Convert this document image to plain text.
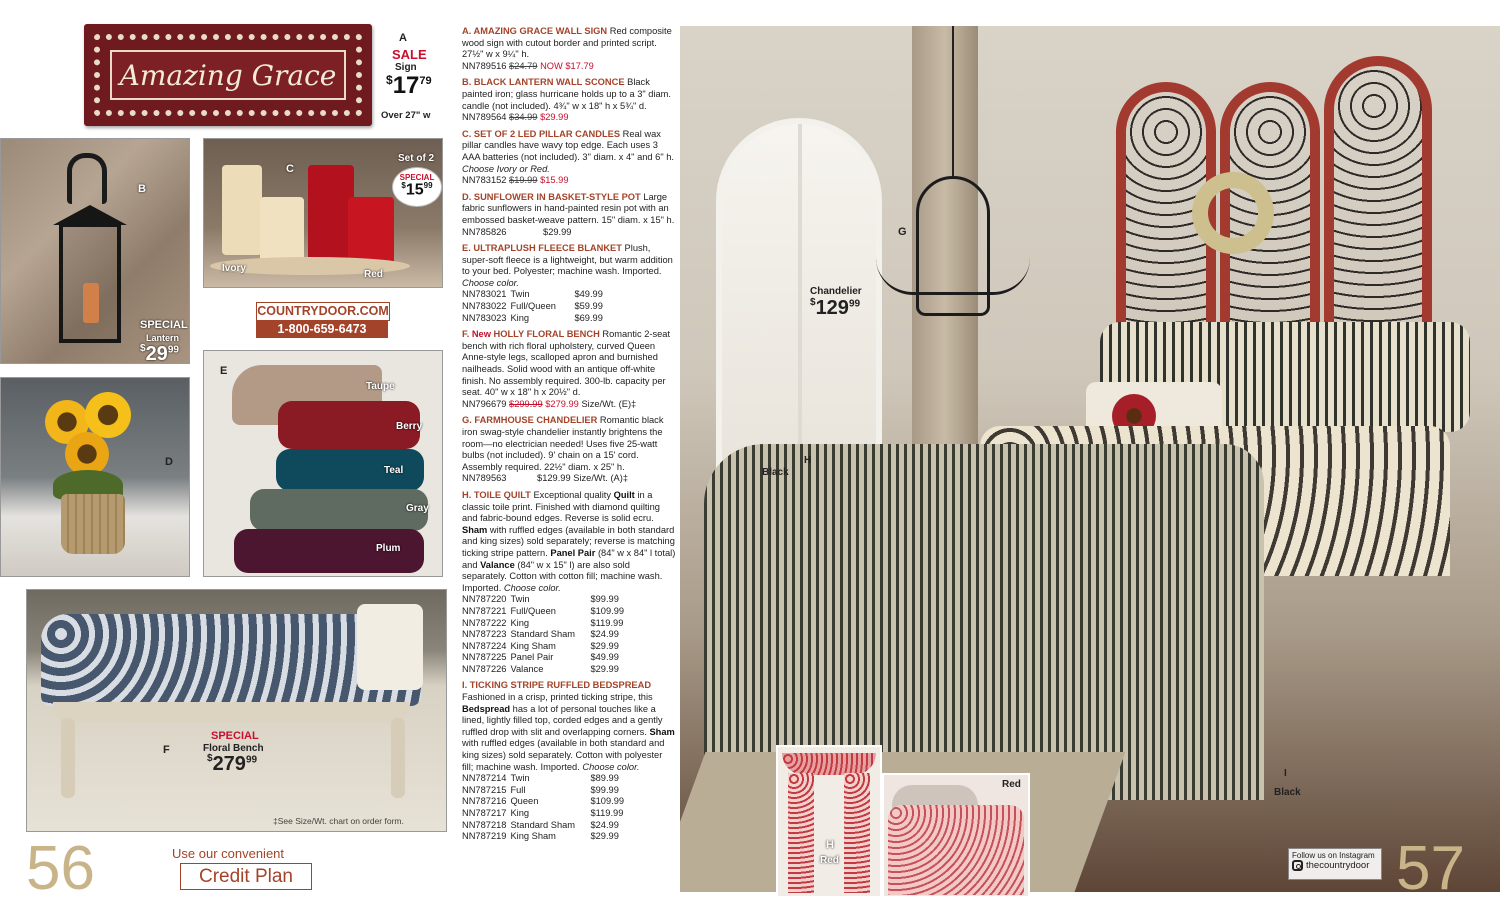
Amazing Grace
A
SALE
Sign
$^{\$}17^{79}$
Over 27" w
B
SPECIAL
Lantern
$^{\$}29^{99}$
C
Set of 2
SPECIAL
$^{\$}15^{99}$
Ivory
Red
COUNTRYDOOR.COM
1-800-659-6473
D
E
Taupe
Berry
Teal
Gray
Plum
F
SPECIAL
Floral Bench
$^{\$}279^{99}$
‡See Size/Wt. chart on order form.
56	Use our convenient
Credit Plan
A. AMAZING GRACE WALL SIGN Red composite wood sign with cutout border and printed script. 27½" w x 9¼" h.
NN789516 $24.79 NOW $17.79
B. BLACK LANTERN WALL SCONCE Black painted iron; glass hurricane holds up to a 3" diam. candle (not included). 4¾" w x 18" h x 5¾" d.
NN789564 $34.99 $29.99
C. SET OF 2 LED PILLAR CANDLES Real wax pillar candles have wavy top edge. Each uses 3 AAA batteries (not included). 3" diam. x 4" and 6" h. Choose Ivory or Red.
NN783152 $19.99 $15.99
D. SUNFLOWER IN BASKET-STYLE POT Large fabric sunflowers in hand-painted resin pot with an embossed basket-weave pattern. 15" diam. x 15" h.
NN785826	$29.99
E. ULTRAPLUSH FLEECE BLANKET Plush, super-soft fleece is a lightweight, but warm addition to your bed. Polyester; machine wash. Imported. Choose color.
NN783021	Twin	$49.99
NN783022	Full/Queen	$59.99
NN783023	King	$69.99
F. New HOLLY FLORAL BENCH Romantic 2-seat bench with rich floral upholstery, curved Queen Anne-style legs, scalloped apron and burnished nailheads. Solid wood with an antique off-white finish. No assembly required. 300-lb. capacity per seat. 40" w x 18" h x 20½" d.
NN796679 $299.99 $279.99 Size/Wt. (E)‡
G. FARMHOUSE CHANDELIER Romantic black iron swag-style chandelier instantly brightens the room—no electrician needed! Uses five 25-watt bulbs (not included). 9' chain on a 15' cord. Assembly required. 22½" diam. x 25" h.
NN789563	$129.99 Size/Wt. (A)‡
H. TOILE QUILT Exceptional quality Quilt in a classic toile print. Finished with diamond quilting and fabric-bound edges. Reverse is solid ecru. Sham with ruffled edges (available in both standard and king sizes) sold separately; reverse is matching ticking stripe pattern. Panel Pair (84" w x 84" l total) and Valance (84" w x 15" l) are also sold separately. Cotton with cotton fill; machine wash. Imported. Choose color.
NN787220	Twin	$99.99
NN787221	Full/Queen	$109.99
NN787222	King	$119.99
NN787223	Standard Sham	$24.99
NN787224	King Sham	$29.99
NN787225	Panel Pair	$49.99
NN787226	Valance	$29.99
I. TICKING STRIPE RUFFLED BEDSPREAD Fashioned in a crisp, printed ticking stripe, this Bedspread has a lot of personal touches like a lined, lightly filled top, corded edges and a gently ruffled drop with slit and overlapping corners. Sham with ruffled edges (available in both standard and king sizes) sold separately. Cotton with polyester fill; machine wash. Imported. Choose color.
NN787214	Twin	$89.99
NN787215	Full	$99.99
NN787216	Queen	$109.99
NN787217	King	$119.99
NN787218	Standard Sham	$24.99
NN787219	King Sham	$29.99
G
Chandelier
$^{\$}129^{99}$
Black
H
I
Black
H
Red
Red
Follow us on Instagram
thecountrydoor 57
